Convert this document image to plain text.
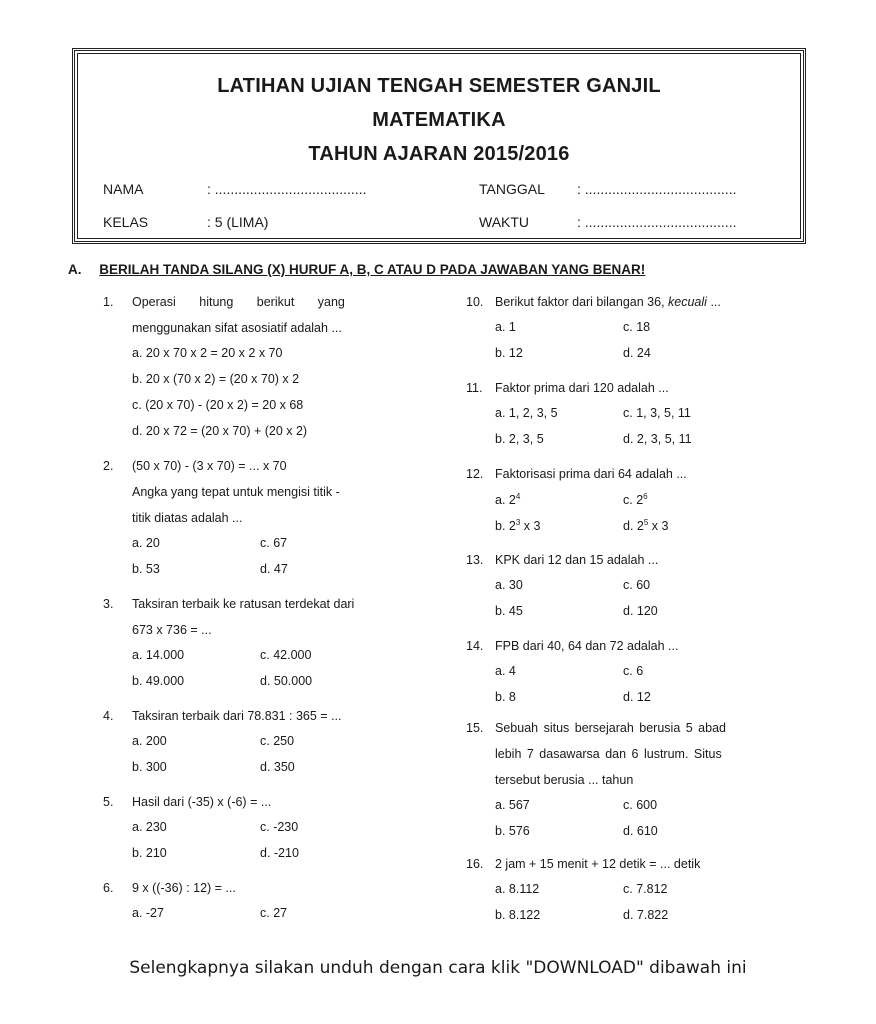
LATIHAN UJIAN TENGAH SEMESTER GANJIL
MATEMATIKA
TAHUN AJARAN 2015/2016
NAMA	: .......................................	TANGGAL : .......................................
KELAS	: 5 (LIMA)	WAKTU	: .......................................
A. BERILAH TANDA SILANG (X) HURUF A, B, C ATAU D PADA JAWABAN YANG BENAR!
1. Operasi hitung berikut yang
menggunakan sifat asosiatif adalah ...
a. 20 x 70 x 2 = 20 x 2 x 70
b. 20 x (70 x 2) = (20 x 70) x 2
c. (20 x 70) - (20 x 2) = 20 x 68
d. 20 x 72 = (20 x 70) + (20 x 2)
2. (50 x 70) - (3 x 70) = ... x 70
Angka yang tepat untuk mengisi titik -
titik diatas adalah ...
a. 20	c. 67
b. 53	d. 47
3. Taksiran terbaik ke ratusan terdekat dari
673 x 736 = ...
a. 14.000	c. 42.000
b. 49.000	d. 50.000
4. Taksiran terbaik dari 78.831 : 365 = ...
a. 200	c. 250
b. 300	d. 350
5. Hasil dari (-35) x (-6) = ...
a. 230	c. -230
b. 210	d. -210
6. 9 x ((-36) : 12) = ...
a. -27	c. 27
10. Berikut faktor dari bilangan 36, kecuali ...
a. 1	c. 18
b. 12	d. 24
11. Faktor prima dari 120 adalah ...
a. 1, 2, 3, 5	c. 1, 3, 5, 11
b. 2, 3, 5	d. 2, 3, 5, 11
12. Faktorisasi prima dari 64 adalah ...
a. $2^4$	c. $2^6$
b. $2^3$ x 3	d. $2^5$ x 3
13. KPK dari 12 dan 15 adalah ...
a. 30	c. 60
b. 45	d. 120
14. FPB dari 40, 64 dan 72 adalah ...
a. 4	c. 6
b. 8	d. 12
15. Sebuah situs bersejarah berusia 5 abad
lebih 7 dasawarsa dan 6 lustrum. Situs
tersebut berusia ... tahun
a. 567	c. 600
b. 576	d. 610
16. 2 jam + 15 menit + 12 detik = ... detik
a. 8.112	c. 7.812
b. 8.122	d. 7.822
Selengkapnya silakan unduh dengan cara klik "DOWNLOAD" dibawah ini
